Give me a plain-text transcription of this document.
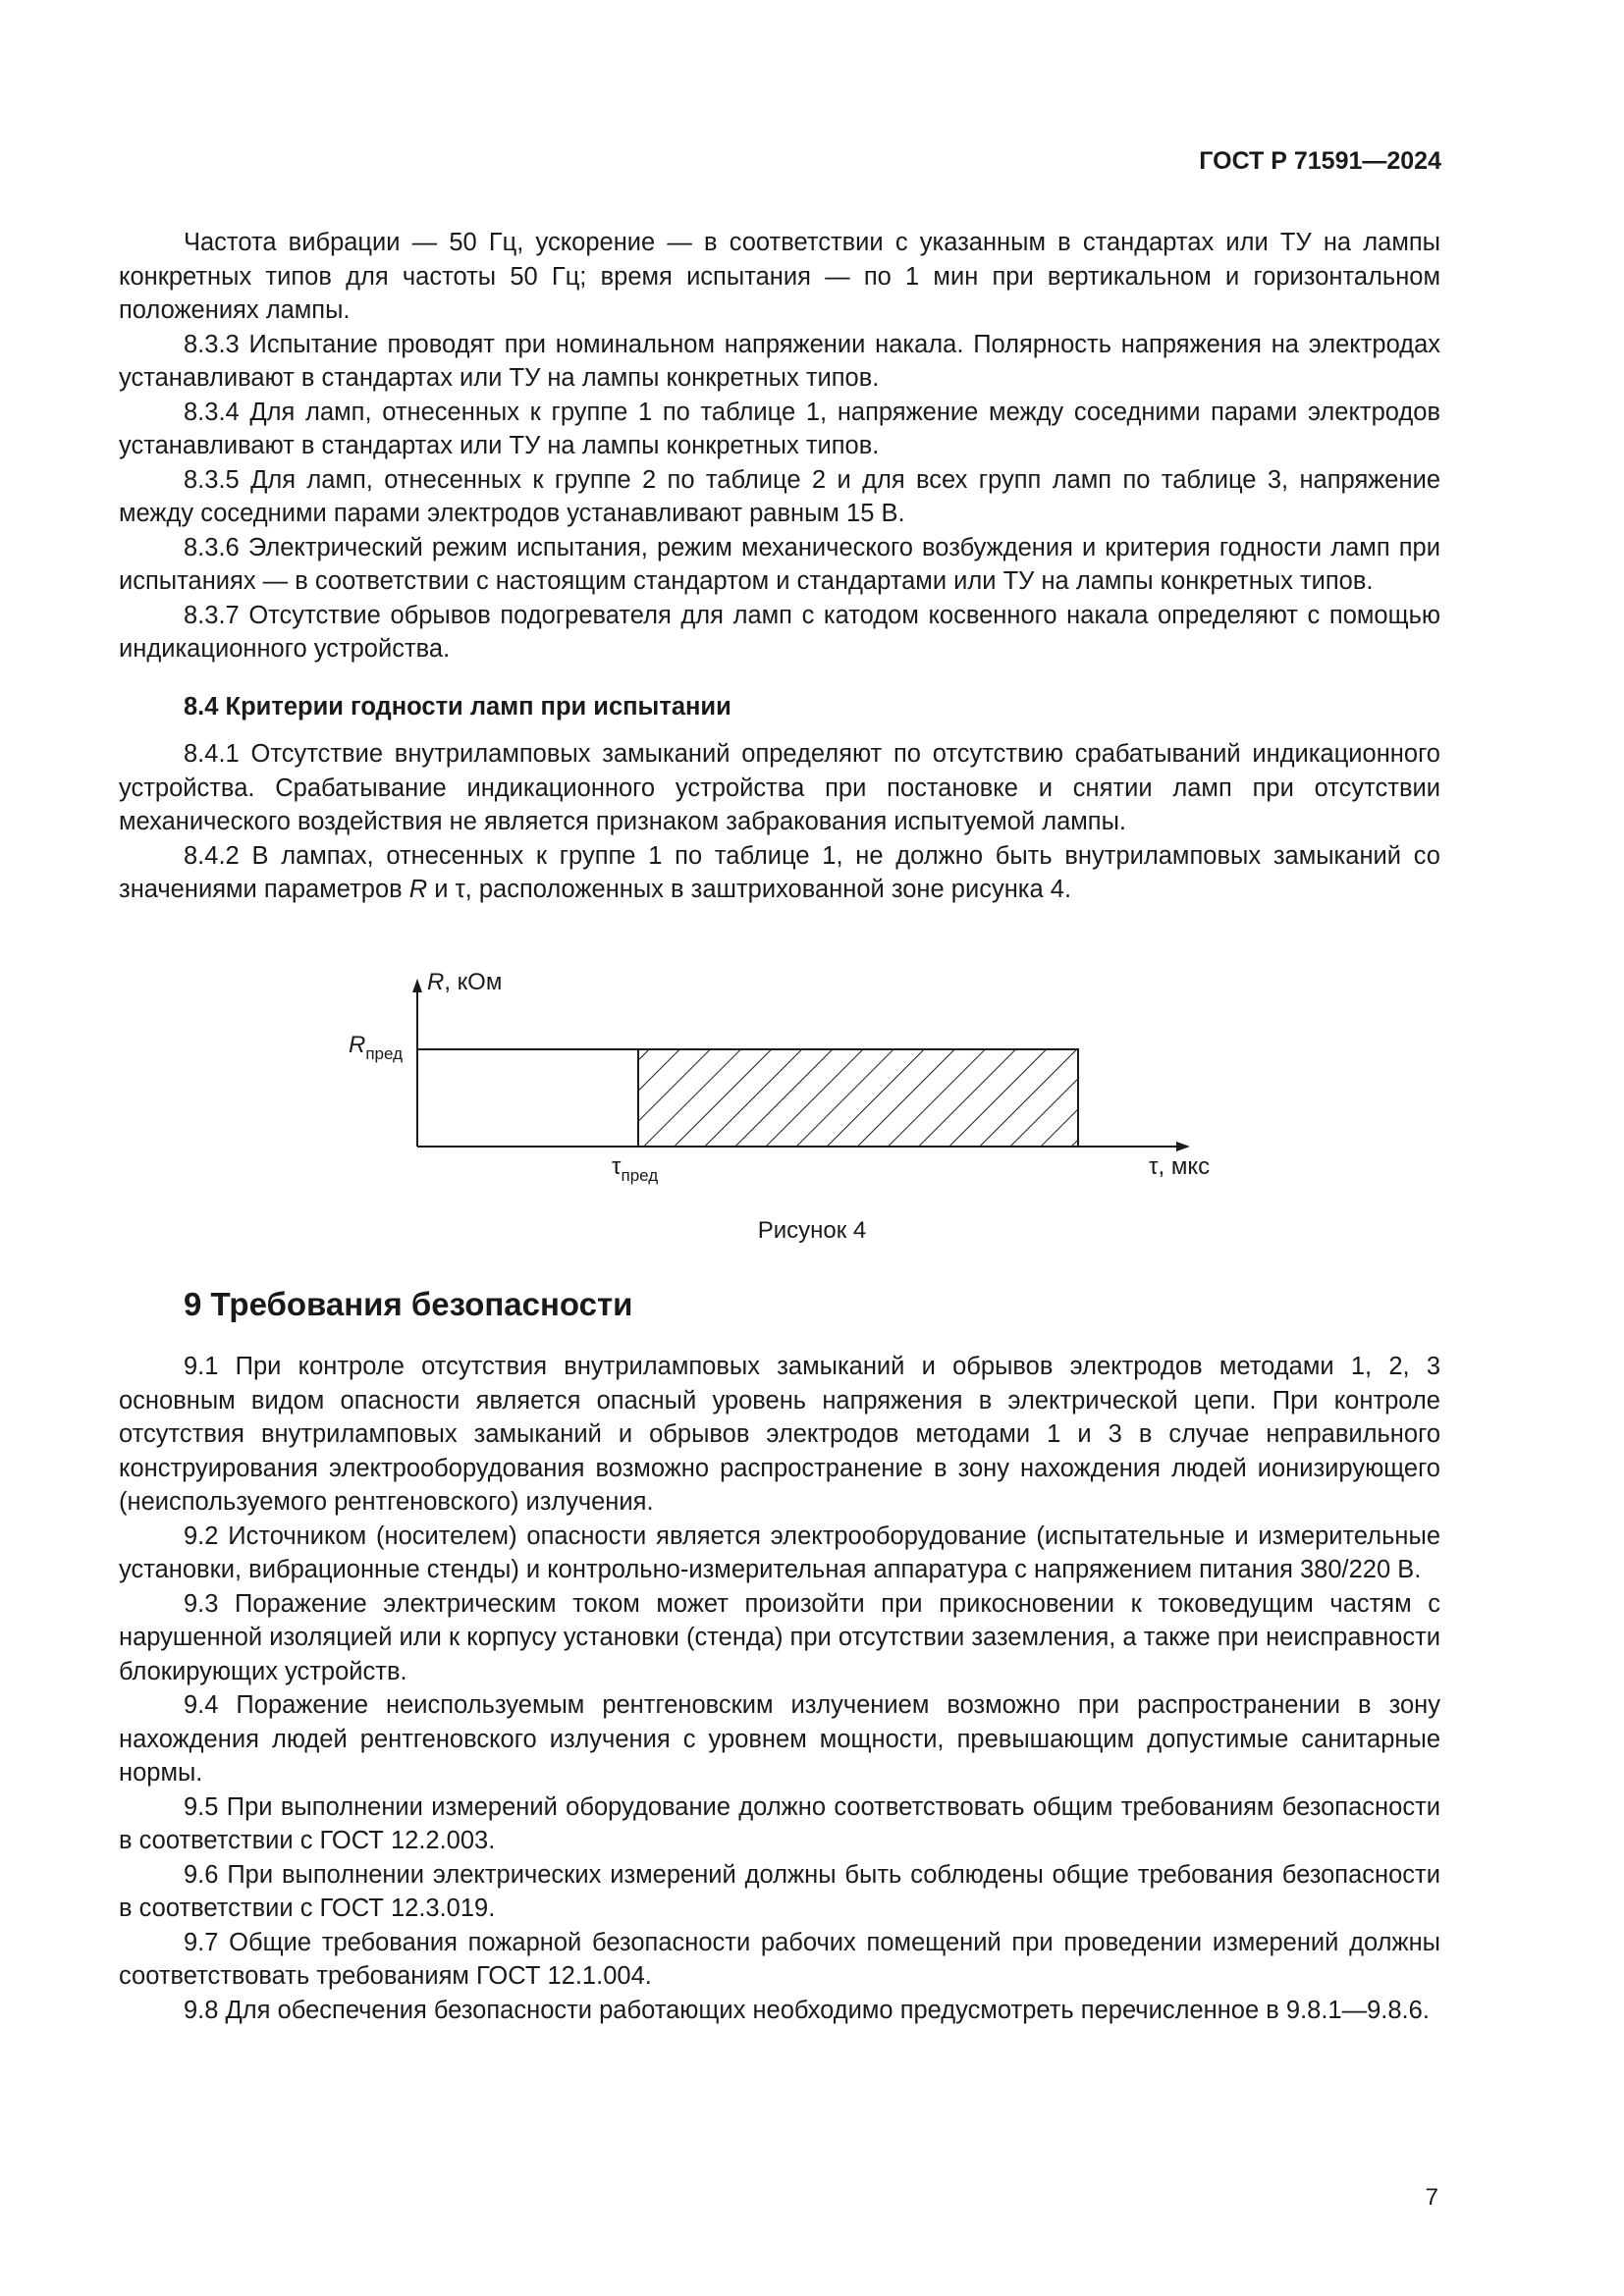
ГОСТ Р 71591—2024

Частота вибрации — 50 Гц, ускорение — в соответствии с указанным в стандартах или ТУ на лампы конкретных типов для частоты 50 Гц; время испытания — по 1 мин при вертикальном и горизонтальном положениях лампы.

8.3.3 Испытание проводят при номинальном напряжении накала. Полярность напряжения на электродах устанавливают в стандартах или ТУ на лампы конкретных типов.

8.3.4 Для ламп, отнесенных к группе 1 по таблице 1, напряжение между соседними парами электродов устанавливают в стандартах или ТУ на лампы конкретных типов.

8.3.5 Для ламп, отнесенных к группе 2 по таблице 2 и для всех групп ламп по таблице 3, напряжение между соседними парами электродов устанавливают равным 15 В.

8.3.6 Электрический режим испытания, режим механического возбуждения и критерия годности ламп при испытаниях — в соответствии с настоящим стандартом и стандартами или ТУ на лампы конкретных типов.

8.3.7 Отсутствие обрывов подогревателя для ламп с катодом косвенного накала определяют с помощью индикационного устройства.

8.4 Критерии годности ламп при испытании

8.4.1 Отсутствие внутриламповых замыканий определяют по отсутствию срабатываний индикационного устройства. Срабатывание индикационного устройства при постановке и снятии ламп при отсутствии механического воздействия не является признаком забракования испытуемой лампы.

8.4.2 В лампах, отнесенных к группе 1 по таблице 1, не должно быть внутриламповых замыканий со значениями параметров R и τ, расположенных в заштрихованной зоне рисунка 4.

R, кОм
$R_{пред}$
$\tau_{пред}$	τ, мкс
Рисунок 4
9 Требования безопасности

9.1 При контроле отсутствия внутриламповых замыканий и обрывов электродов методами 1, 2, 3 основным видом опасности является опасный уровень напряжения в электрической цепи. При контроле отсутствия внутриламповых замыканий и обрывов электродов методами 1 и 3 в случае неправильного конструирования электрооборудования возможно распространение в зону нахождения людей ионизирующего (неиспользуемого рентгеновского) излучения.

9.2 Источником (носителем) опасности является электрооборудование (испытательные и измерительные установки, вибрационные стенды) и контрольно-измерительная аппаратура с напряжением питания 380/220 В.

9.3 Поражение электрическим током может произойти при прикосновении к токоведущим частям с нарушенной изоляцией или к корпусу установки (стенда) при отсутствии заземления, а также при неисправности блокирующих устройств.

9.4 Поражение неиспользуемым рентгеновским излучением возможно при распространении в зону нахождения людей рентгеновского излучения с уровнем мощности, превышающим допустимые санитарные нормы.

9.5 При выполнении измерений оборудование должно соответствовать общим требованиям безопасности в соответствии с ГОСТ 12.2.003.

9.6 При выполнении электрических измерений должны быть соблюдены общие требования безопасности в соответствии с ГОСТ 12.3.019.

9.7 Общие требования пожарной безопасности рабочих помещений при проведении измерений должны соответствовать требованиям ГОСТ 12.1.004.

9.8 Для обеспечения безопасности работающих необходимо предусмотреть перечисленное в 9.8.1—9.8.6.

7
